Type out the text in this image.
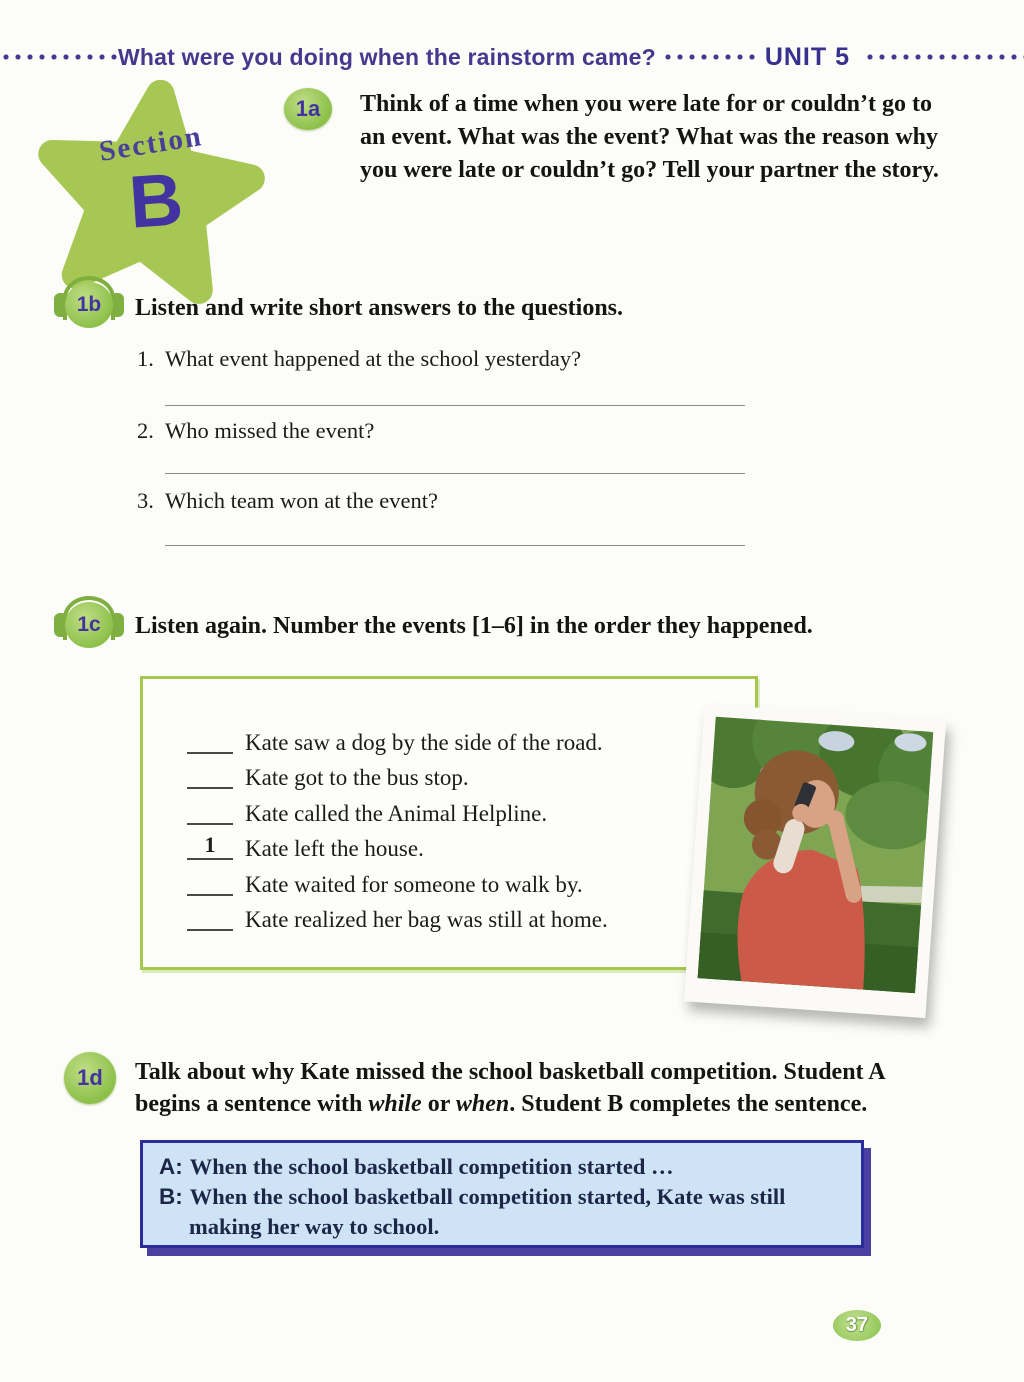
What were you doing when the rainstorm came?	UNIT 5
Section
B
1a	Think of a time when you were late for or couldn’t go to an event. What was the event? What was the reason why you were late or couldn’t go? Tell your partner the story.
1b	Listen and write short answers to the questions.
1. What event happened at the school yesterday?
2. Who missed the event?
3. Which team won at the event?
1c	Listen again. Number the events [1–6] in the order they happened.
Kate saw a dog by the side of the road.
Kate got to the bus stop.
Kate called the Animal Helpline.
1	Kate left the house.
Kate waited for someone to walk by.
Kate realized her bag was still at home.
1d	Talk about why Kate missed the school basketball competition. Student A begins a sentence with while or when. Student B completes the sentence.
A: When the school basketball competition started …
B: When the school basketball competition started, Kate was still making her way to school.
37
